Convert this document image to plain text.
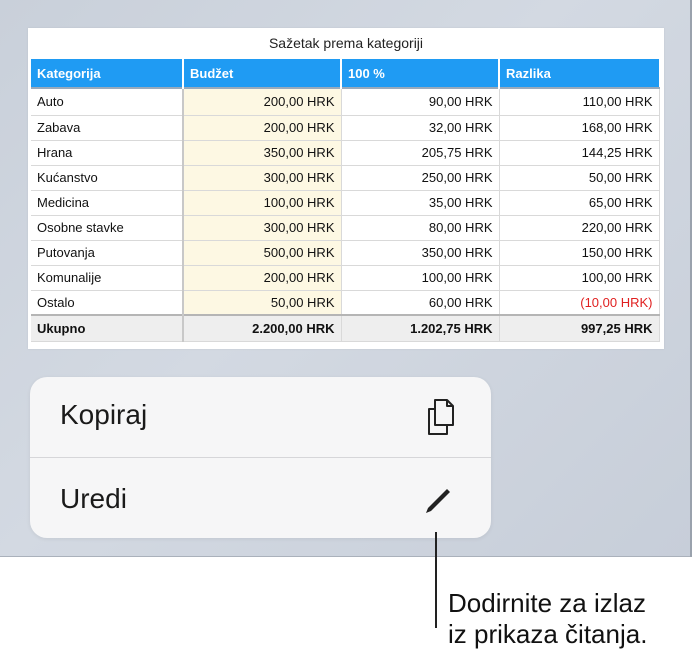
Sažetak prema kategoriji
Kategorija	Budžet	100 %	Razlika
Auto	200,00 HRK	90,00 HRK	110,00 HRK
Zabava	200,00 HRK	32,00 HRK	168,00 HRK
Hrana	350,00 HRK	205,75 HRK	144,25 HRK
Kućanstvo	300,00 HRK	250,00 HRK	50,00 HRK
Medicina	100,00 HRK	35,00 HRK	65,00 HRK
Osobne stavke	300,00 HRK	80,00 HRK	220,00 HRK
Putovanja	500,00 HRK	350,00 HRK	150,00 HRK
Komunalije	200,00 HRK	100,00 HRK	100,00 HRK
Ostalo	50,00 HRK	60,00 HRK	(10,00 HRK)
Ukupno	2.200,00 HRK	1.202,75 HRK	997,25 HRK
Kopiraj
Uredi
Dodirnite za izlaz
iz prikaza čitanja.
